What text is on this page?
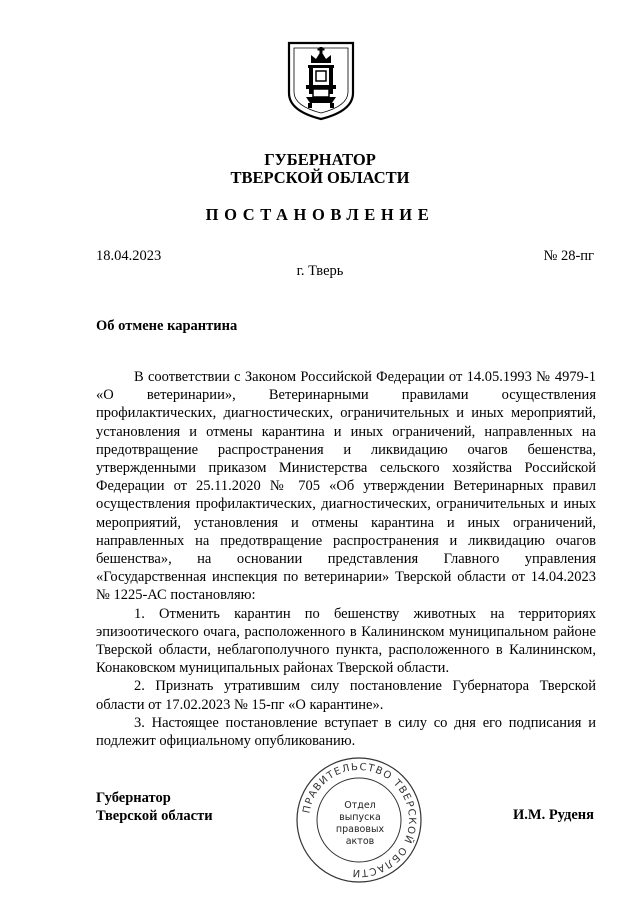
ГУБЕРНАТОР
ТВЕРСКОЙ ОБЛАСТИ
ПОСТАНОВЛЕНИЕ
18.04.2023	№ 28-пг
г. Тверь
Об отмене карантина

В соответствии с Законом Российской Федерации от 14.05.1993 № 4979-1 «О ветеринарии», Ветеринарными правилами осуществления профилактических, диагностических, ограничительных и иных мероприятий, установления и отмены карантина и иных ограничений, направленных на предотвращение распространения и ликвидацию очагов бешенства, утвержденными приказом Министерства сельского хозяйства Российской Федерации от 25.11.2020 № 705 «Об утверждении Ветеринарных правил осуществления профилактических, диагностических, ограничительных и иных мероприятий, установления и отмены карантина и иных ограничений, направленных на предотвращение распространения и ликвидацию очагов бешенства», на основании представления Главного управления «Государственная инспекция по ветеринарии» Тверской области от 14.04.2023 № 1225-АС постановляю:

1. Отменить карантин по бешенству животных на территориях эпизоотического очага, расположенного в Калининском муниципальном районе Тверской области, неблагополучного пункта, расположенного в Калининском, Конаковском муниципальных районах Тверской области.

2. Признать утратившим силу постановление Губернатора Тверской области от 17.02.2023 № 15-пг «О карантине».

3. Настоящее постановление вступает в силу со дня его подписания и подлежит официальному опубликованию.

Губернатор
Тверской области	ПРАВИТЕЛЬСТВО ТВЕРСКОЙ ОБЛАСТИ
Отдел
выпуска
правовых
актов
И.М. Руденя
